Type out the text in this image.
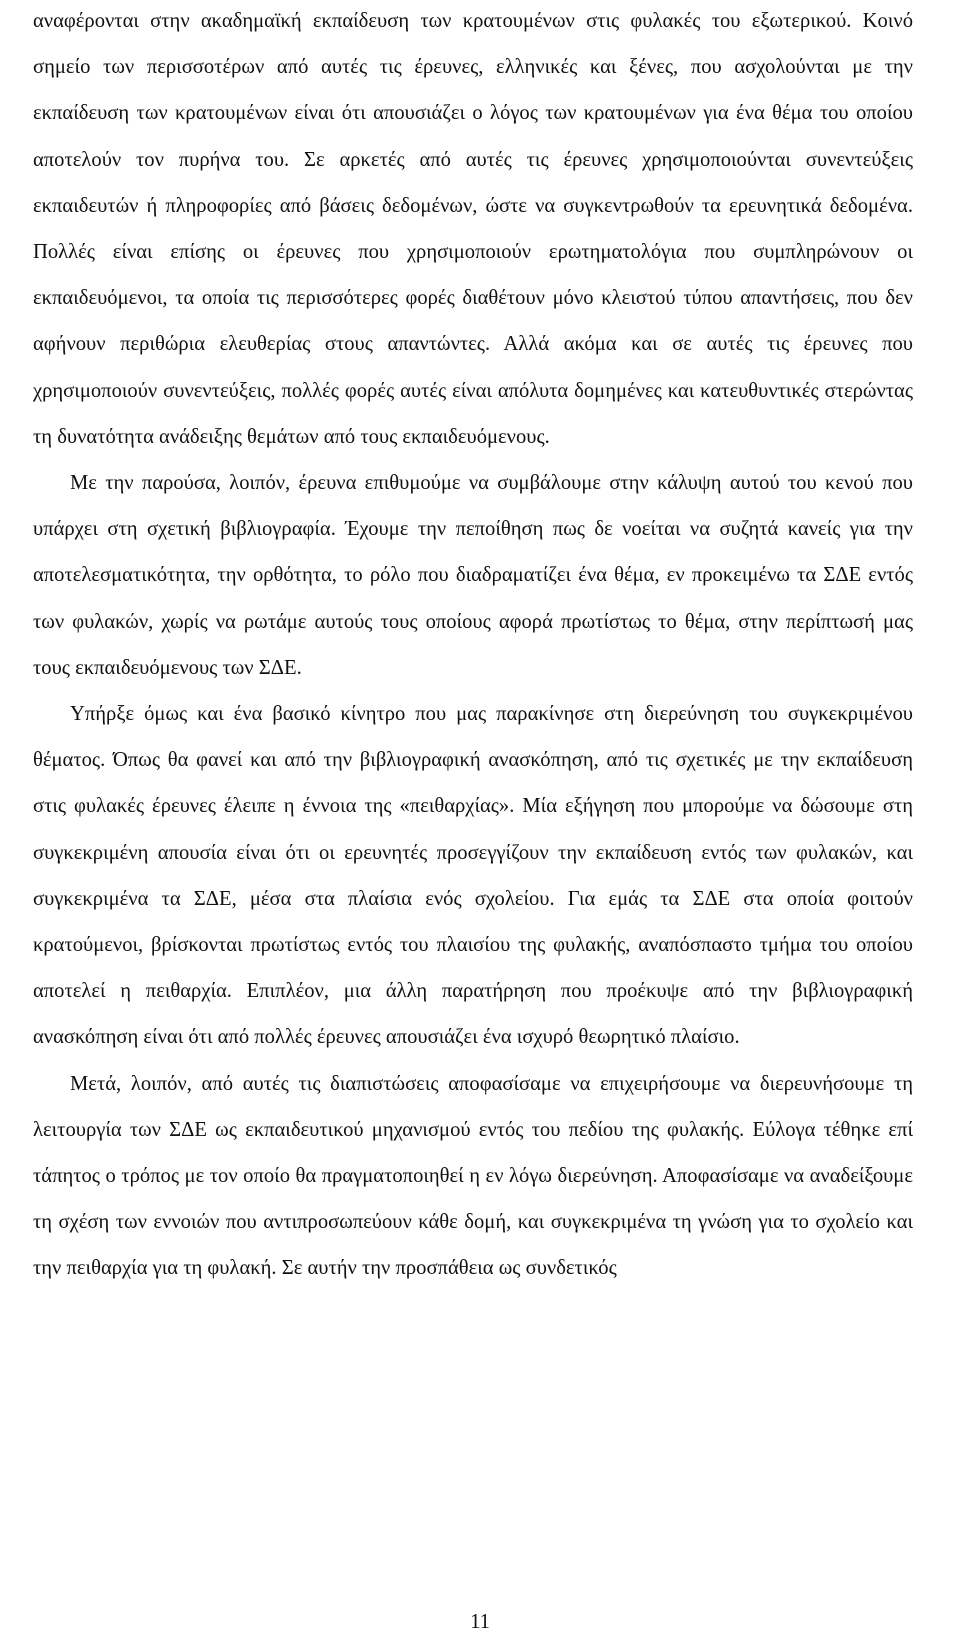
αναφέρονται στην ακαδημαϊκή εκπαίδευση των κρατουμένων στις φυλακές του εξωτερικού. Κοινό σημείο των περισσοτέρων από αυτές τις έρευνες, ελληνικές και ξένες, που ασχολούνται με την εκπαίδευση των κρατουμένων είναι ότι απουσιάζει ο λόγος των κρατουμένων για ένα θέμα του οποίου αποτελούν τον πυρήνα του. Σε αρκετές από αυτές τις έρευνες χρησιμοποιούνται συνεντεύξεις εκπαιδευτών ή πληροφορίες από βάσεις δεδομένων, ώστε να συγκεντρωθούν τα ερευνητικά δεδομένα. Πολλές είναι επίσης οι έρευνες που χρησιμοποιούν ερωτηματολόγια που συμπληρώνουν οι εκπαιδευόμενοι, τα οποία τις περισσότερες φορές διαθέτουν μόνο κλειστού τύπου απαντήσεις, που δεν αφήνουν περιθώρια ελευθερίας στους απαντώντες. Αλλά ακόμα και σε αυτές τις έρευνες που χρησιμοποιούν συνεντεύξεις, πολλές φορές αυτές είναι απόλυτα δομημένες και κατευθυντικές στερώντας τη δυνατότητα ανάδειξης θεμάτων από τους εκπαιδευόμενους.

Με την παρούσα, λοιπόν, έρευνα επιθυμούμε να συμβάλουμε στην κάλυψη αυτού του κενού που υπάρχει στη σχετική βιβλιογραφία. Έχουμε την πεποίθηση πως δε νοείται να συζητά κανείς για την αποτελεσματικότητα, την ορθότητα, το ρόλο που διαδραματίζει ένα θέμα, εν προκειμένω τα ΣΔΕ εντός των φυλακών, χωρίς να ρωτάμε αυτούς τους οποίους αφορά πρωτίστως το θέμα, στην περίπτωσή μας τους εκπαιδευόμενους των ΣΔΕ.

Υπήρξε όμως και ένα βασικό κίνητρο που μας παρακίνησε στη διερεύνηση του συγκεκριμένου θέματος. Όπως θα φανεί και από την βιβλιογραφική ανασκόπηση, από τις σχετικές με την εκπαίδευση στις φυλακές έρευνες έλειπε η έννοια της «πειθαρχίας». Μία εξήγηση που μπορούμε να δώσουμε στη συγκεκριμένη απουσία είναι ότι οι ερευνητές προσεγγίζουν την εκπαίδευση εντός των φυλακών, και συγκεκριμένα τα ΣΔΕ, μέσα στα πλαίσια ενός σχολείου. Για εμάς τα ΣΔΕ στα οποία φοιτούν κρατούμενοι, βρίσκονται πρωτίστως εντός του πλαισίου της φυλακής, αναπόσπαστο τμήμα του οποίου αποτελεί η πειθαρχία. Επιπλέον, μια άλλη παρατήρηση που προέκυψε από την βιβλιογραφική ανασκόπηση είναι ότι από πολλές έρευνες απουσιάζει ένα ισχυρό θεωρητικό πλαίσιο.

Μετά, λοιπόν, από αυτές τις διαπιστώσεις αποφασίσαμε να επιχειρήσουμε να διερευνήσουμε τη λειτουργία των ΣΔΕ ως εκπαιδευτικού μηχανισμού εντός του πεδίου της φυλακής. Εύλογα τέθηκε επί τάπητος ο τρόπος με τον οποίο θα πραγματοποιηθεί η εν λόγω διερεύνηση. Αποφασίσαμε να αναδείξουμε τη σχέση των εννοιών που αντιπροσωπεύουν κάθε δομή, και συγκεκριμένα τη γνώση για το σχολείο και την πειθαρχία για τη φυλακή. Σε αυτήν την προσπάθεια ως συνδετικός

11
